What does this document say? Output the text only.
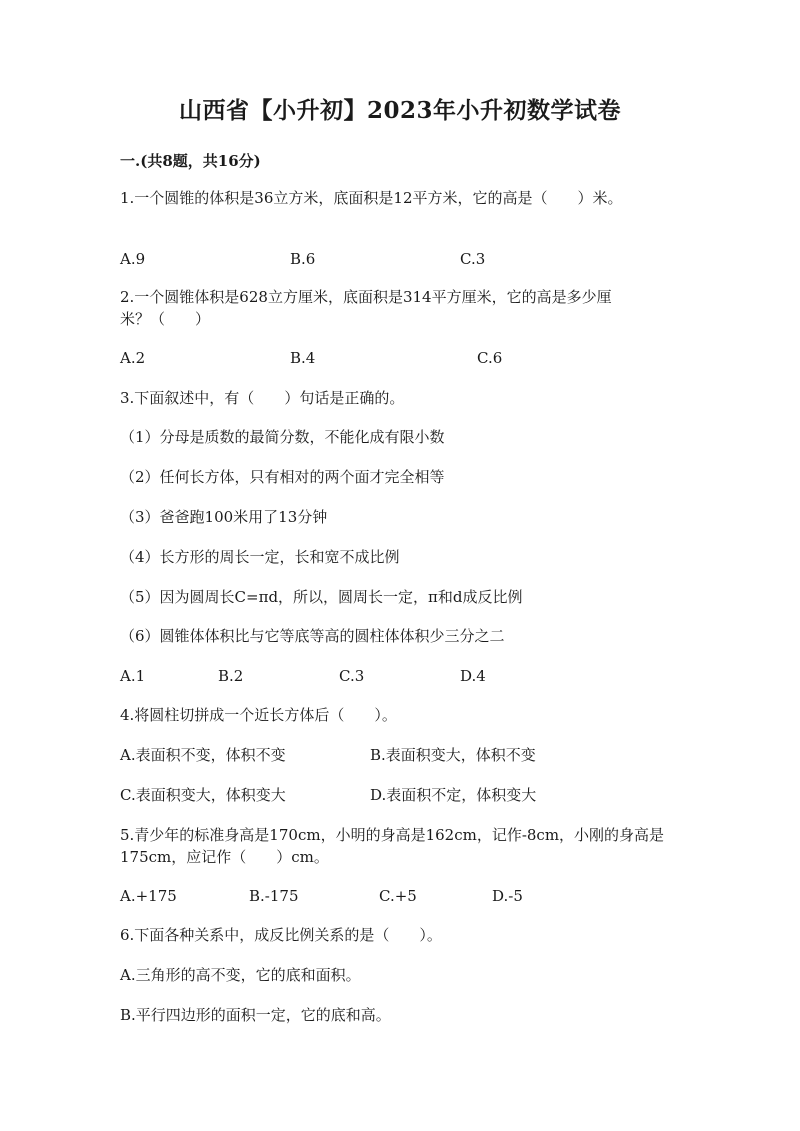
山西省【小升初】2023年小升初数学试卷
一.(共8题，共16分)
1.一个圆锥的体积是36立方米，底面积是12平方米，它的高是（　　）米。
A.9	B.6	C.3
2.一个圆锥体积是628立方厘米，底面积是314平方厘米，它的高是多少厘
米？（　　）
A.2	B.4	C.6
3.下面叙述中，有（　　）句话是正确的。
（1）分母是质数的最简分数，不能化成有限小数
（2）任何长方体，只有相对的两个面才完全相等
（3）爸爸跑100米用了13分钟
（4）长方形的周长一定，长和宽不成比例
（5）因为圆周长C=πd，所以，圆周长一定，π和d成反比例
（6）圆锥体体积比与它等底等高的圆柱体体积少三分之二
A.1	B.2	C.3	D.4
4.将圆柱切拼成一个近长方体后（　　）。
A.表面积不变，体积不变	B.表面积变大，体积不变
C.表面积变大，体积变大	D.表面积不定，体积变大
5.青少年的标准身高是170cm，小明的身高是162cm，记作-8cm，小刚的身高是
175cm，应记作（　　）cm。
A.+175	B.-175	C.+5	D.-5
6.下面各种关系中，成反比例关系的是（　　）。
A.三角形的高不变，它的底和面积。
B.平行四边形的面积一定，它的底和高。
